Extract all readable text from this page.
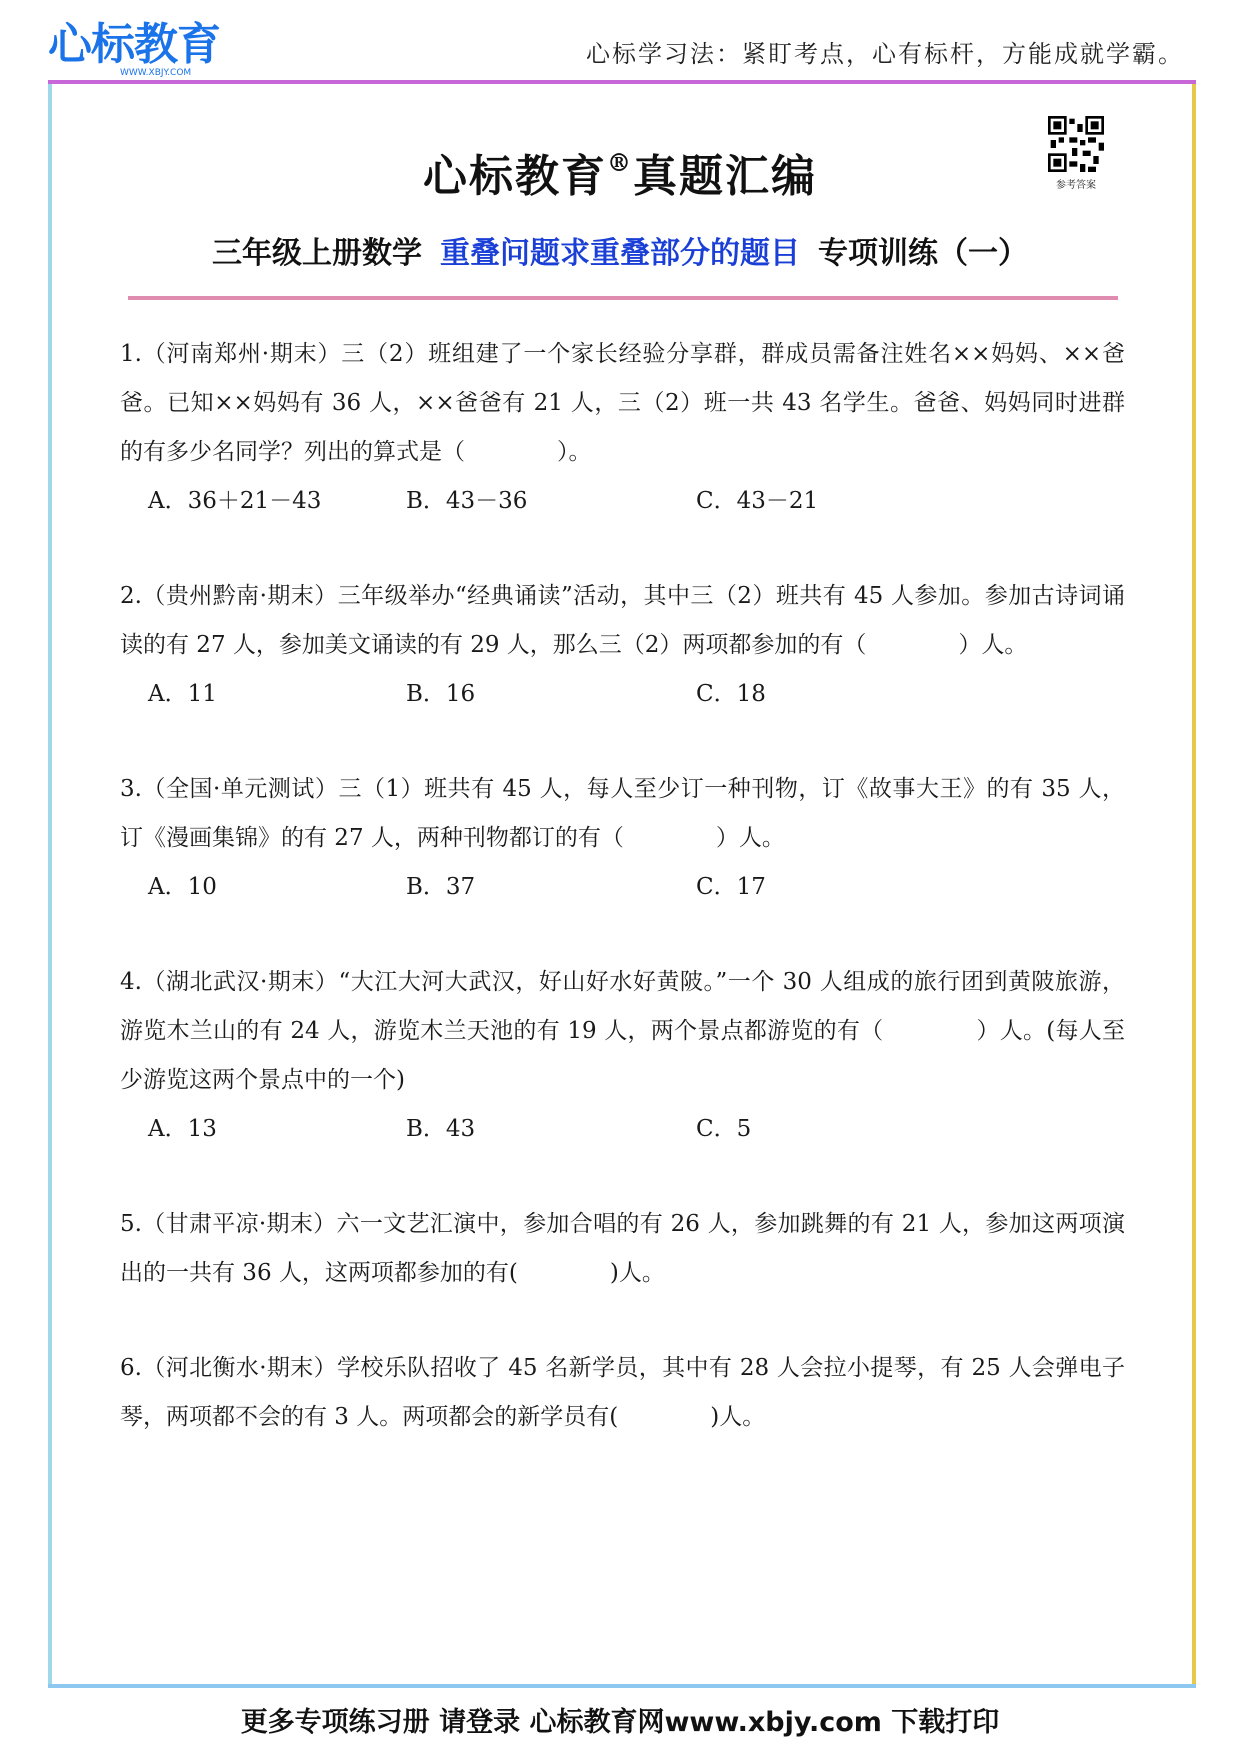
心标教育
WWW.XBJY.COM
心标学习法：紧盯考点，心有标杆，方能成就学霸。
参考答案
心标教育®真题汇编
三年级上册数学 重叠问题求重叠部分的题目 专项训练（一）
1.（河南郑州·期末）三（2）班组建了一个家长经验分享群，群成员需备注姓名××妈妈、××爸爸。已知××妈妈有 36 人，××爸爸有 21 人，三（2）班一共 43 名学生。爸爸、妈妈同时进群的有多少名同学？列出的算式是（　　　　）。
A．36＋21－43	B．43－36	C．43－21
2.（贵州黔南·期末）三年级举办“经典诵读”活动，其中三（2）班共有 45 人参加。参加古诗词诵读的有 27 人，参加美文诵读的有 29 人，那么三（2）两项都参加的有（　　　　）人。
A．11	B．16	C．18
3.（全国·单元测试）三（1）班共有 45 人，每人至少订一种刊物，订《故事大王》的有 35 人，订《漫画集锦》的有 27 人，两种刊物都订的有（　　　　）人。
A．10	B．37	C．17
4.（湖北武汉·期末）“大江大河大武汉，好山好水好黄陂。”一个 30 人组成的旅行团到黄陂旅游，游览木兰山的有 24 人，游览木兰天池的有 19 人，两个景点都游览的有（　　　　）人。(每人至少游览这两个景点中的一个)
A．13	B．43	C．5
5.（甘肃平凉·期末）六一文艺汇演中，参加合唱的有 26 人，参加跳舞的有 21 人，参加这两项演出的一共有 36 人，这两项都参加的有(　　　　)人。
6.（河北衡水·期末）学校乐队招收了 45 名新学员，其中有 28 人会拉小提琴，有 25 人会弹电子琴，两项都不会的有 3 人。两项都会的新学员有(　　　　)人。
更多专项练习册 请登录 心标教育网www.xbjy.com 下载打印
